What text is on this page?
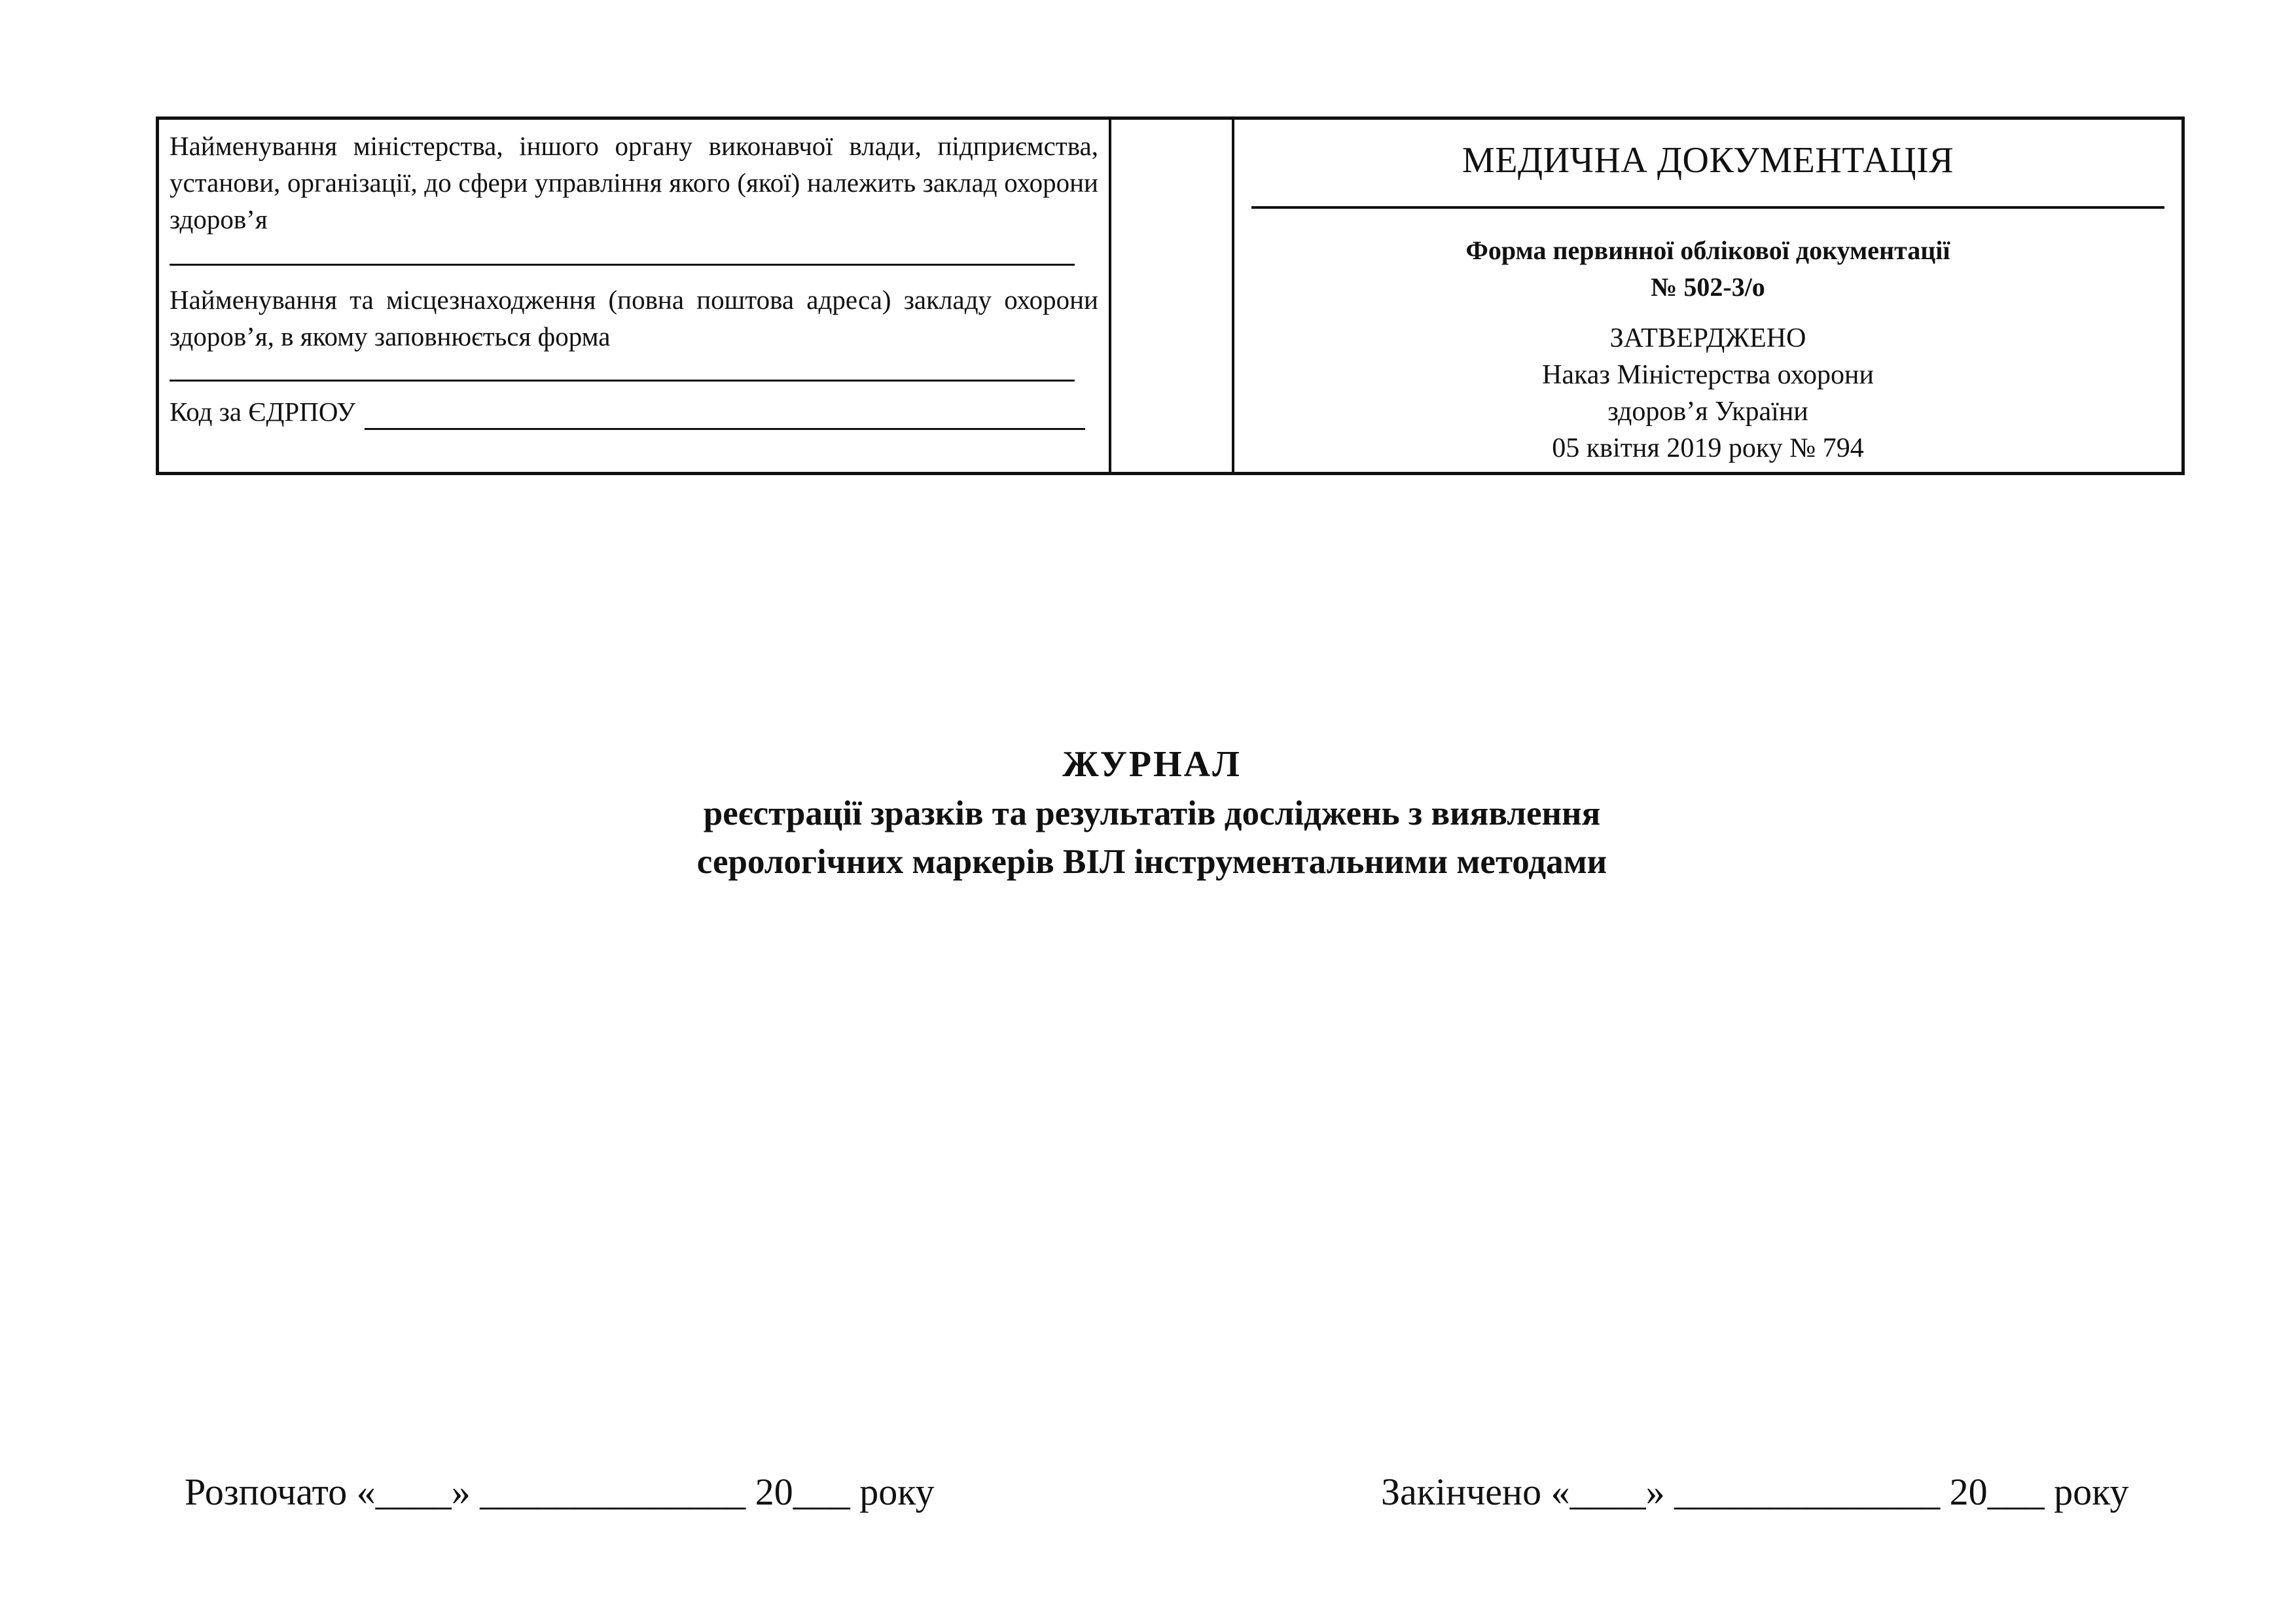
Найменування міністерства, іншого органу виконавчої влади, підприємства, установи, організації, до сфери управління якого (якої) належить заклад охорони здоров’я
Найменування та місцезнаходження (повна поштова адреса) закладу охорони здоров’я, в якому заповнюється форма
Код за ЄДРПОУ
МЕДИЧНА ДОКУМЕНТАЦІЯ
Форма первинної облікової документації
№ 502-3/о
ЗАТВЕРДЖЕНО
Наказ Міністерства охорони
здоров’я України
05 квітня 2019 року № 794
ЖУРНАЛ
реєстрації зразків та результатів досліджень з виявлення
серологічних маркерів ВІЛ інструментальними методами
Розпочато «____» ______________ 20___ року	Закінчено «____» ______________ 20___ року
